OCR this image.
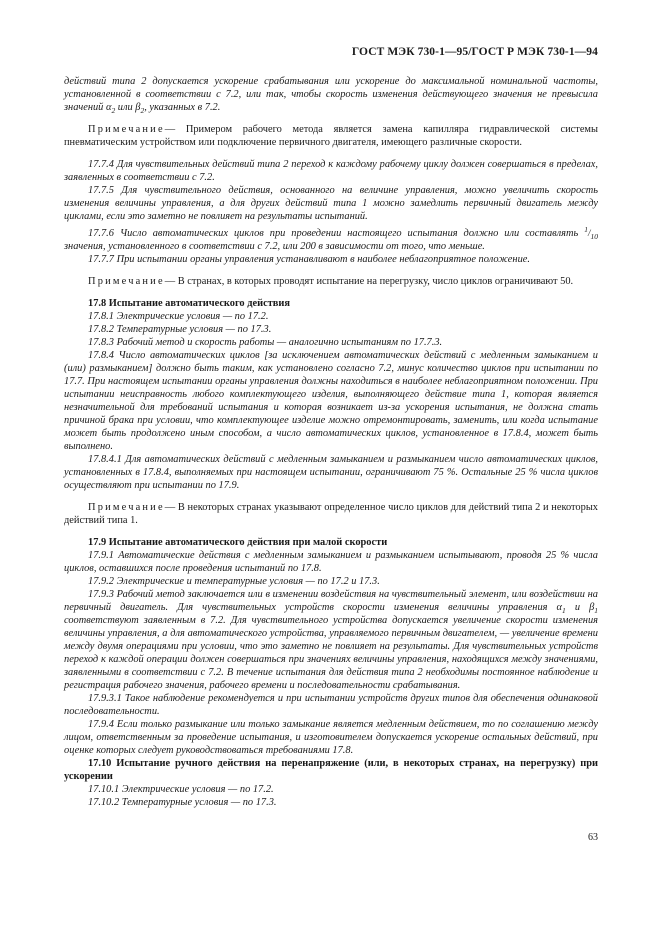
ГОСТ МЭК 730-1—95/ГОСТ Р МЭК 730-1—94

действий типа 2 допускается ускорение срабатывания или ускорение до максимальной номинальной частоты, установленной в соответствии с 7.2, или так, чтобы скорость изменения действующего значения не превысила значений $\alpha_2$ или $\beta_2$, указанных в 7.2.

Примечание— Примером рабочего метода является замена капилляра гидравлической системы пневматическим устройством или подключение первичного двигателя, имеющего различные скорости.

17.7.4 Для чувствительных действий типа 2 переход к каждому рабочему циклу должен совершаться в пределах, заявленных в соответствии с 7.2.

17.7.5 Для чувствительного действия, основанного на величине управления, можно увеличить скорость изменения величины управления, а для других действий типа 1 можно замедлить первичный двигатель между циклами, если это заметно не повлияет на результаты испытаний.

17.7.6 Число автоматических циклов при проведении настоящего испытания должно или составлять $^1/_{10}$ значения, установленного в соответствии с 7.2, или 200 в зависимости от того, что меньше.

17.7.7 При испытании органы управления устанавливают в наиболее неблагоприятное положение.

Примечание— В странах, в которых проводят испытание на перегрузку, число циклов ограничивают 50.

17.8 Испытание автоматического действия

17.8.1 Электрические условия — по 17.2.

17.8.2 Температурные условия — по 17.3.

17.8.3 Рабочий метод и скорость работы — аналогично испытаниям по 17.7.3.

17.8.4 Число автоматических циклов [за исключением автоматических действий с медленным замыканием и (или) размыканием] должно быть таким, как установлено согласно 7.2, минус количество циклов при испытании по 17.7. При настоящем испытании органы управления должны находиться в наиболее неблагоприятном положении. При испытании неисправность любого комплектующего изделия, выполняющего действие типа 1, которая является незначительной для требований испытания и которая возникает из-за ускорения испытания, не должна стать причиной брака при условии, что комплектующее изделие можно отремонтировать, заменить, или когда испытание может быть продолжено иным способом, а число автоматических циклов, установленное в 17.8.4, может быть выполнено.

17.8.4.1 Для автоматических действий с медленным замыканием и размыканием число автоматических циклов, установленных в 17.8.4, выполняемых при настоящем испытании, ограничивают 75 %. Остальные 25 % числа циклов осуществляют при испытании по 17.9.

Примечание— В некоторых странах указывают определенное число циклов для действий типа 2 и некоторых действий типа 1.

17.9 Испытание автоматического действия при малой скорости

17.9.1 Автоматические действия с медленным замыканием и размыканием испытывают, проводя 25 % числа циклов, оставшихся после проведения испытаний по 17.8.

17.9.2 Электрические и температурные условия — по 17.2 и 17.3.

17.9.3 Рабочий метод заключается или в изменении воздействия на чувствительный элемент, или воздействии на первичный двигатель. Для чувствительных устройств скорости изменения величины управления $\alpha_1$ и $\beta_1$ соответствуют заявленным в 7.2. Для чувствительного устройства допускается увеличение скорости изменения величины управления, а для автоматического устройства, управляемого первичным двигателем, — увеличение времени между двумя операциями при условии, что это заметно не повлияет на результаты. Для чувствительных устройств переход к каждой операции должен совершаться при значениях величины управления, находящихся между значениями, заявленными в соответствии с 7.2. В течение испытания для действия типа 2 необходимы постоянное наблюдение и регистрация рабочего значения, рабочего времени и последовательности срабатывания.

17.9.3.1 Такое наблюдение рекомендуется и при испытании устройств других типов для обеспечения одинаковой последовательности.

17.9.4 Если только размыкание или только замыкание является медленным действием, то по соглашению между лицом, ответственным за проведение испытания, и изготовителем допускается ускорение остальных действий, при оценке которых следует руководствоваться требованиями 17.8.

17.10 Испытание ручного действия на перенапряжение (или, в некоторых странах, на перегрузку) при ускорении

17.10.1 Электрические условия — по 17.2.

17.10.2 Температурные условия — по 17.3.

63
